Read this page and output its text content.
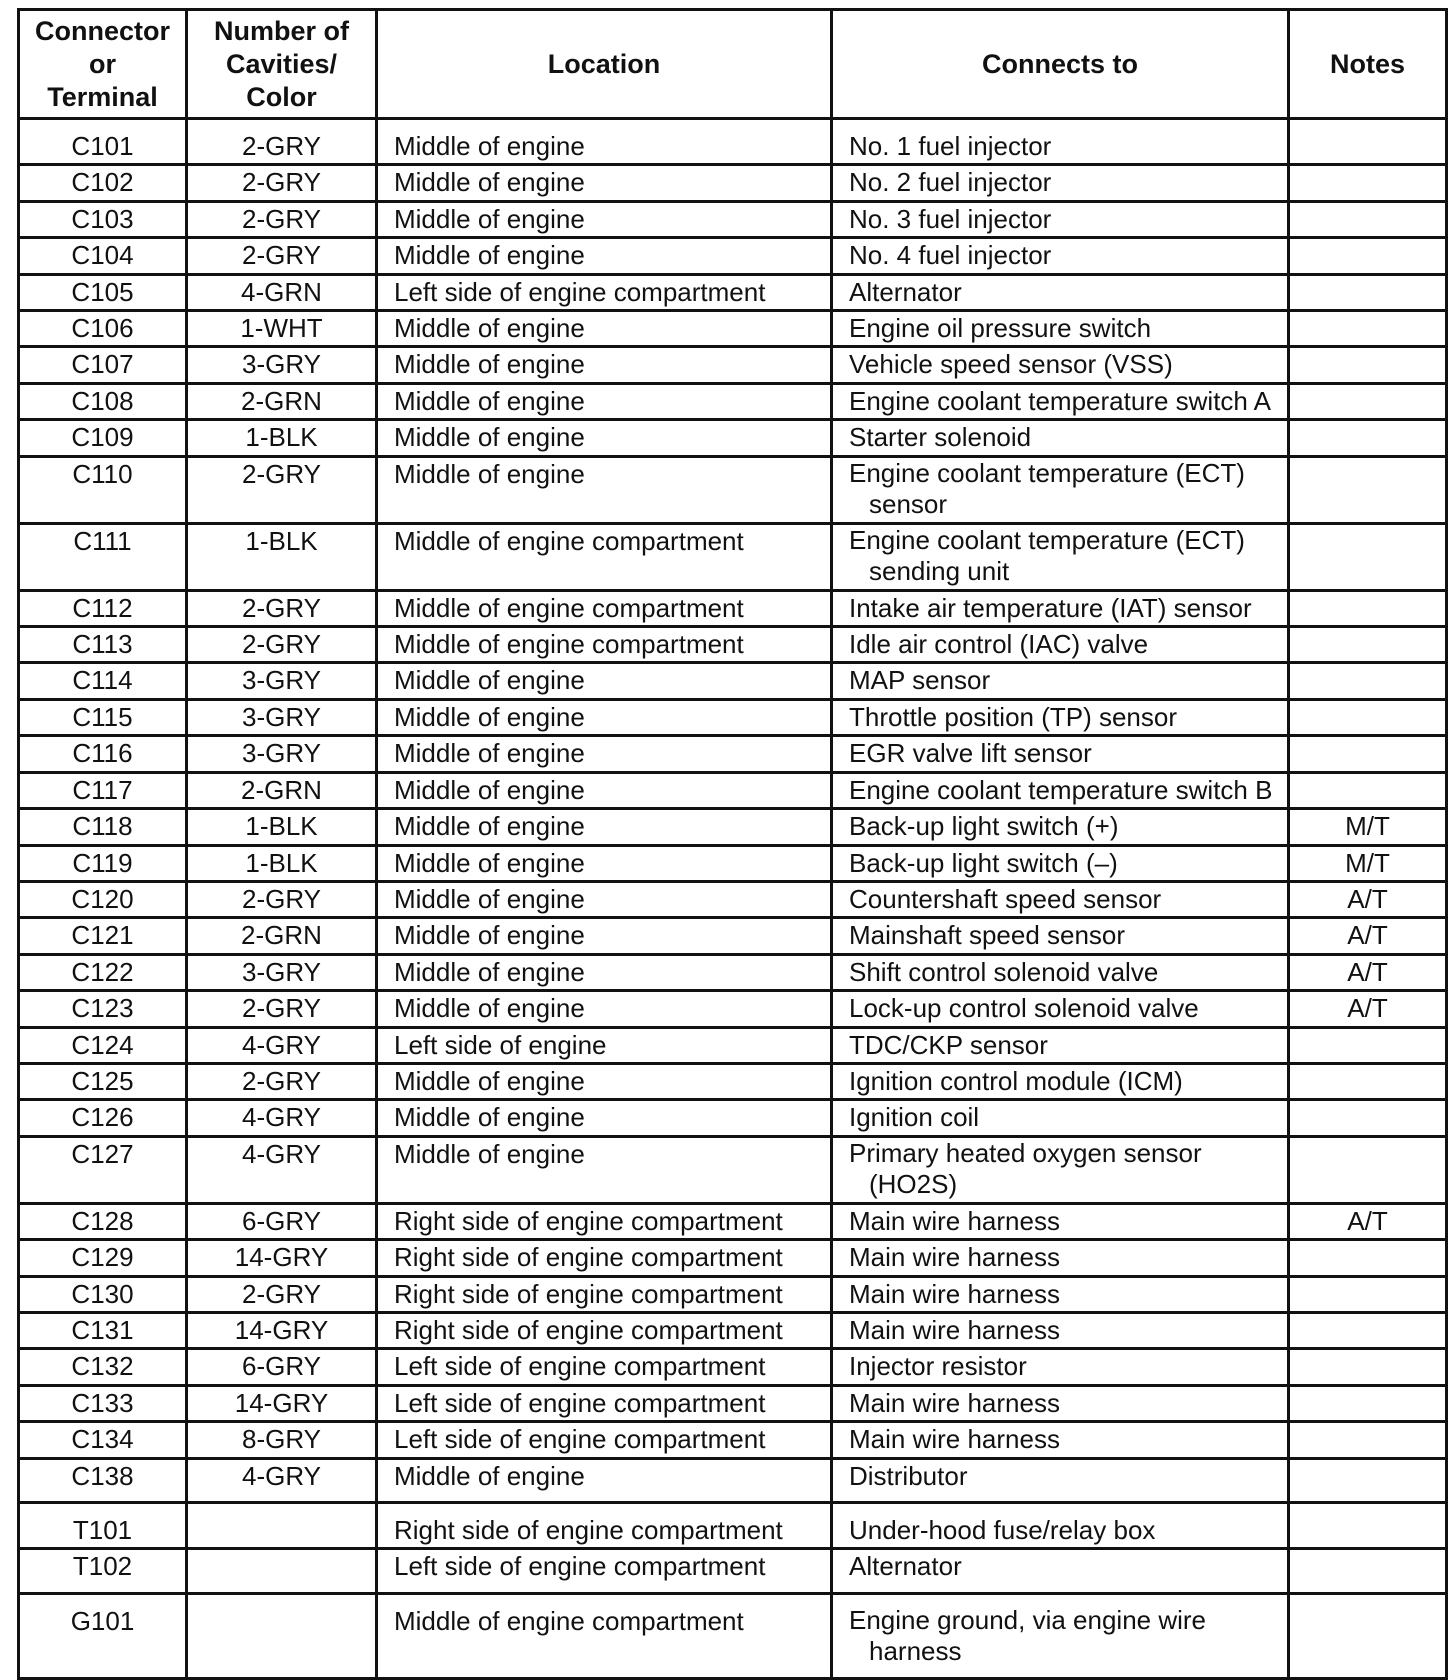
Connector
or
Terminal	Number of
Cavities/
Color	Location	Connects to	Notes

C101	2-GRY	Middle of engine	No. 1 fuel injector	

C102	2-GRY	Middle of engine	No. 2 fuel injector	

C103	2-GRY	Middle of engine	No. 3 fuel injector	

C104	2-GRY	Middle of engine	No. 4 fuel injector	

C105	4-GRN	Left side of engine compartment	Alternator	

C106	1-WHT	Middle of engine	Engine oil pressure switch	

C107	3-GRY	Middle of engine	Vehicle speed sensor (VSS)	

C108	2-GRN	Middle of engine	Engine coolant temperature switch A	

C109	1-BLK	Middle of engine	Starter solenoid	

C110	2-GRY	Middle of engine	Engine coolant temperature (ECT)
sensor	

C111	1-BLK	Middle of engine compartment	Engine coolant temperature (ECT)
sending unit	

C112	2-GRY	Middle of engine compartment	Intake air temperature (IAT) sensor	

C113	2-GRY	Middle of engine compartment	Idle air control (IAC) valve	

C114	3-GRY	Middle of engine	MAP sensor	

C115	3-GRY	Middle of engine	Throttle position (TP) sensor	

C116	3-GRY	Middle of engine	EGR valve lift sensor	

C117	2-GRN	Middle of engine	Engine coolant temperature switch B	

C118	1-BLK	Middle of engine	Back-up light switch (+)	M/T

C119	1-BLK	Middle of engine	Back-up light switch (–)	M/T

C120	2-GRY	Middle of engine	Countershaft speed sensor	A/T

C121	2-GRN	Middle of engine	Mainshaft speed sensor	A/T

C122	3-GRY	Middle of engine	Shift control solenoid valve	A/T

C123	2-GRY	Middle of engine	Lock-up control solenoid valve	A/T

C124	4-GRY	Left side of engine	TDC/CKP sensor	

C125	2-GRY	Middle of engine	Ignition control module (ICM)	

C126	4-GRY	Middle of engine	Ignition coil	

C127	4-GRY	Middle of engine	Primary heated oxygen sensor
(HO2S)	

C128	6-GRY	Right side of engine compartment	Main wire harness	A/T

C129	14-GRY	Right side of engine compartment	Main wire harness	

C130	2-GRY	Right side of engine compartment	Main wire harness	

C131	14-GRY	Right side of engine compartment	Main wire harness	

C132	6-GRY	Left side of engine compartment	Injector resistor	

C133	14-GRY	Left side of engine compartment	Main wire harness	

C134	8-GRY	Left side of engine compartment	Main wire harness	

C138	4-GRY	Middle of engine	Distributor	

T101		Right side of engine compartment	Under-hood fuse/relay box	

T102		Left side of engine compartment	Alternator	

G101		Middle of engine compartment	Engine ground, via engine wire
harness	
